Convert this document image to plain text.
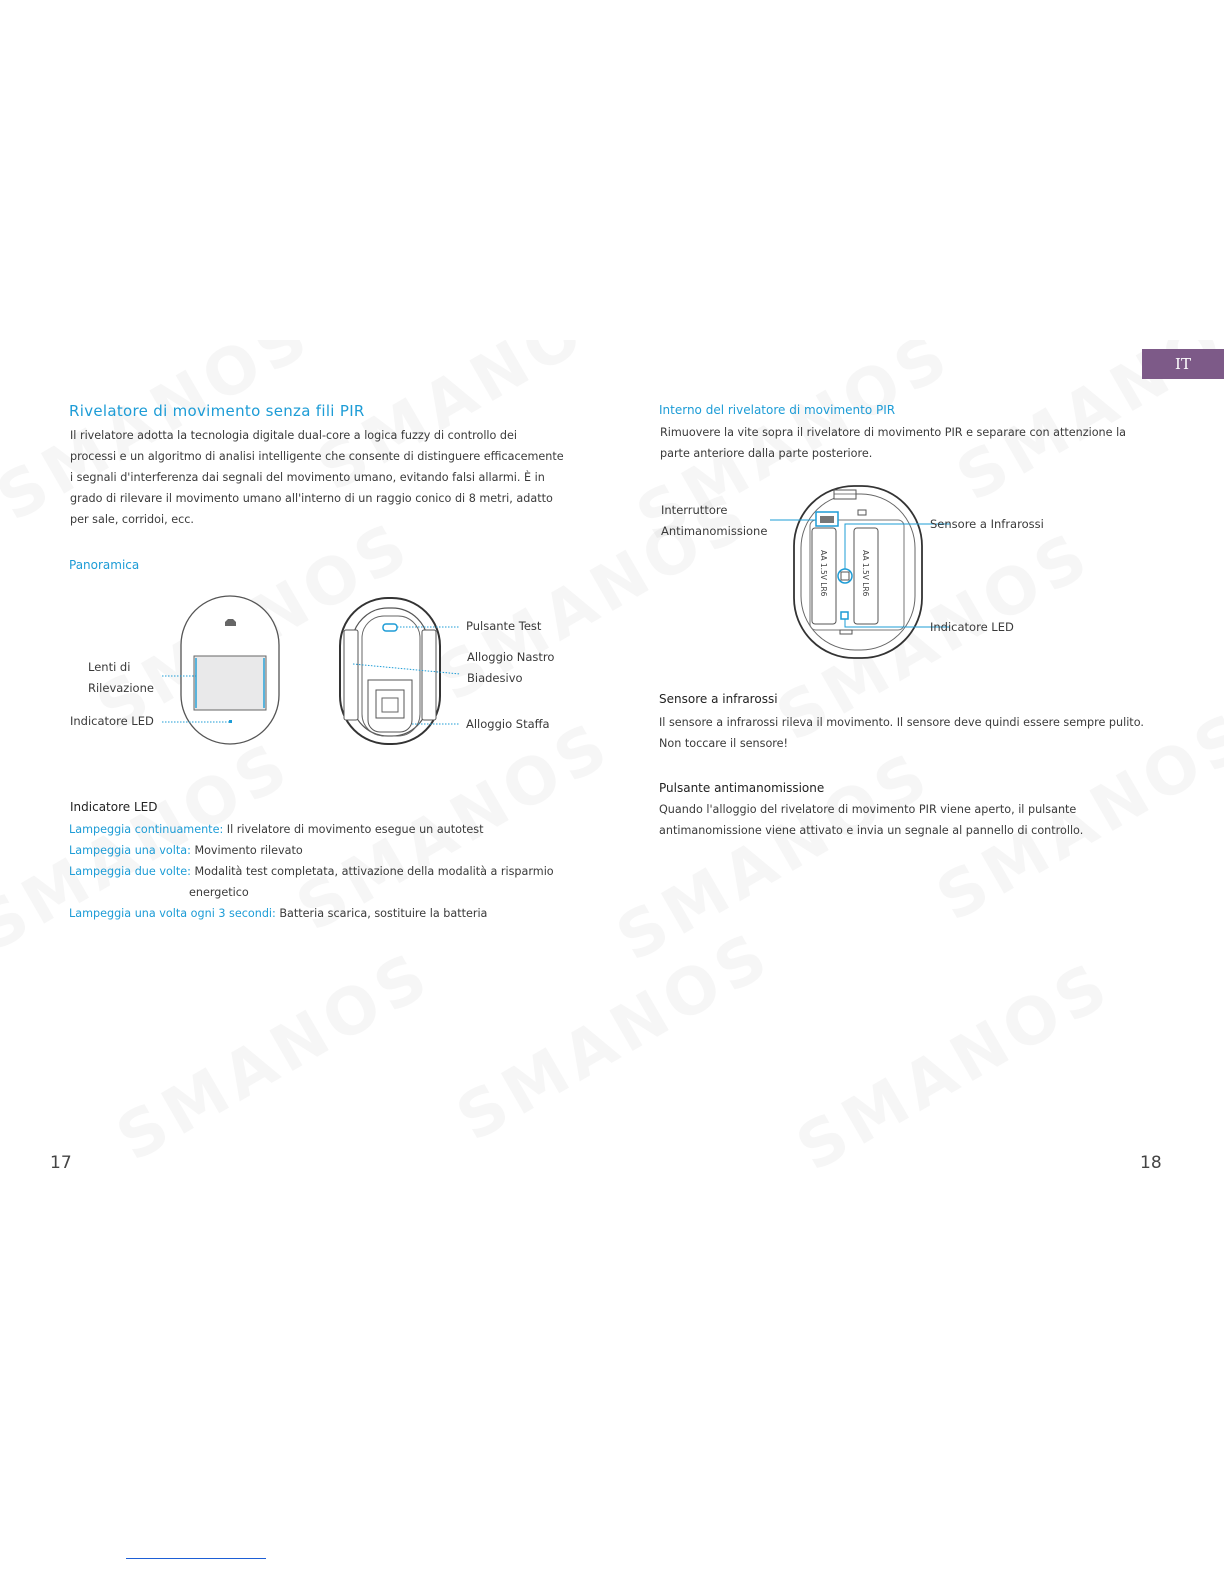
IT
Rivelatore di movimento senza fili PIR
Il rivelatore adotta la tecnologia digitale dual-core a logica fuzzy di controllo dei
processi e un algoritmo di analisi intelligente che consente di distinguere efficacemente
i segnali d'interferenza dai segnali del movimento umano, evitando falsi allarmi. È in
grado di rilevare il movimento umano all'interno di un raggio conico di 8 metri, adatto
per sale, corridoi, ecc.
Panoramica
Lenti di
Rilevazione
Indicatore LED
Pulsante Test
Alloggio Nastro
Biadesivo
Alloggio Staffa
Indicatore LED
Lampeggia continuamente: Il rivelatore di movimento esegue un autotest
Lampeggia una volta: Movimento rilevato
Lampeggia due volte: Modalità test completata, attivazione della modalità a risparmio
energetico
Lampeggia una volta ogni 3 secondi: Batteria scarica, sostituire la batteria
17
Interno del rivelatore di movimento PIR
Rimuovere la vite sopra il rivelatore di movimento PIR e separare con attenzione la
parte anteriore dalla parte posteriore.
AA 1.5V LR6	AA 1.5V LR6
Interruttore
Antimanomissione	Sensore a Infrarossi
Indicatore LED
Sensore a infrarossi
Il sensore a infrarossi rileva il movimento. Il sensore deve quindi essere sempre pulito.
Non toccare il sensore!
Pulsante antimanomissione
Quando l'alloggio del rivelatore di movimento PIR viene aperto, il pulsante
antimanomissione viene attivato e invia un segnale al pannello di controllo.
18
